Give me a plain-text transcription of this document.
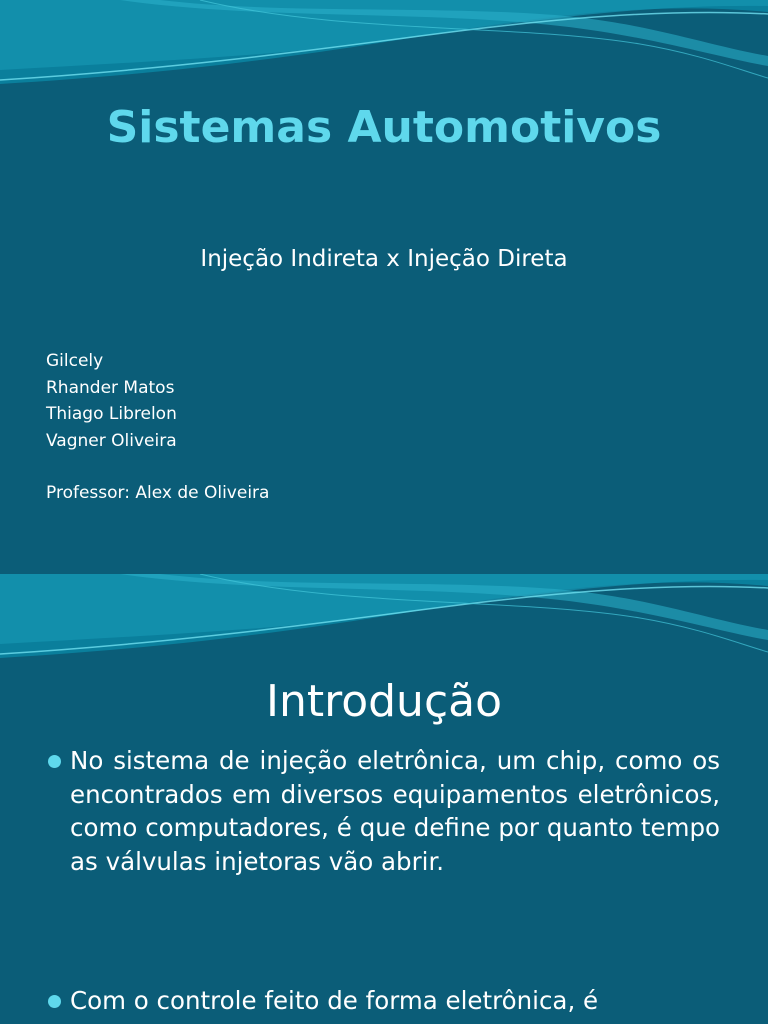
Sistemas Automotivos
Injeção Indireta x Injeção Direta
Gilcely
Rhander Matos
Thiago Librelon
Vagner Oliveira
Professor: Alex de Oliveira
Introdução

No sistema de injeção eletrônica, um chip, como os encontrados em diversos equipamentos eletrônicos, como computadores, é que define por quanto tempo as válvulas injetoras vão abrir.

Com o controle feito de forma eletrônica, é
